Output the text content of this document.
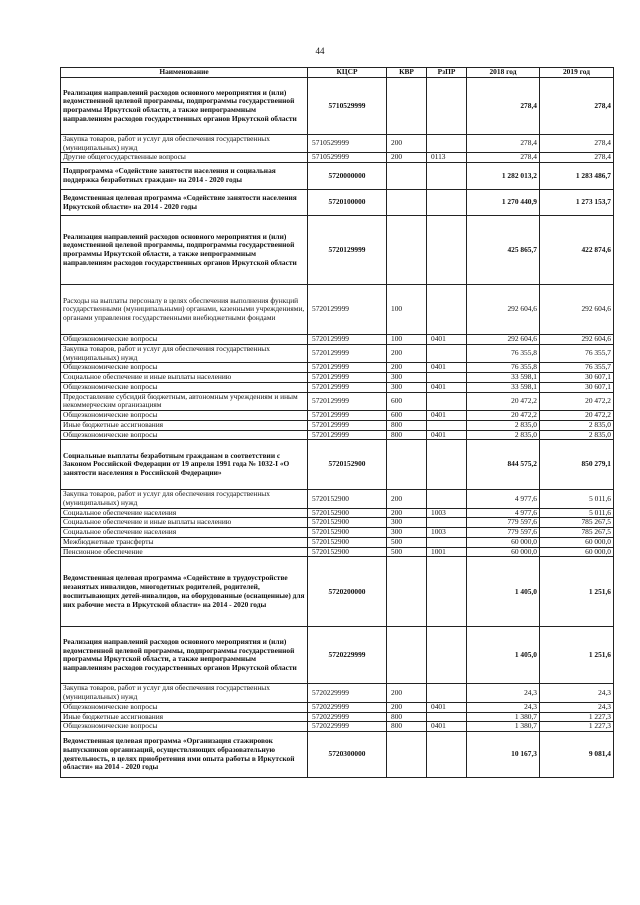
44
Наименование	КЦСР	КВР	РзПР	2018 год	2019 год
Реализация направлений расходов основного мероприятия и (или) ведомственной целевой программы, подпрограммы государственной программы Иркутской области, а также непрограммным направлениям расходов государственных органов Иркутской области	5710529999			278,4	278,4
Закупка товаров, работ и услуг для обеспечения государственных (муниципальных) нужд	5710529999	200		278,4	278,4
Другие общегосударственные вопросы	5710529999	200	0113	278,4	278,4
Подпрограмма «Содействие занятости населения и социальная поддержка безработных граждан» на 2014 - 2020 годы	5720000000			1 282 013,2	1 283 486,7
Ведомственная целевая программа «Содействие занятости населения Иркутской области» на 2014 - 2020 годы	5720100000			1 270 440,9	1 273 153,7
Реализация направлений расходов основного мероприятия и (или) ведомственной целевой программы, подпрограммы государственной программы Иркутской области, а также непрограммным направлениям расходов государственных органов Иркутской области	5720129999			425 865,7	422 874,6
Расходы на выплаты персоналу в целях обеспечения выполнения функций государственными (муниципальными) органами, казенными учреждениями, органами управления государственными внебюджетными фондами	5720129999	100		292 604,6	292 604,6
Общеэкономические вопросы	5720129999	100	0401	292 604,6	292 604,6
Закупка товаров, работ и услуг для обеспечения государственных (муниципальных) нужд	5720129999	200		76 355,8	76 355,7
Общеэкономические вопросы	5720129999	200	0401	76 355,8	76 355,7
Социальное обеспечение и иные выплаты населению	5720129999	300		33 598,1	30 607,1
Общеэкономические вопросы	5720129999	300	0401	33 598,1	30 607,1
Предоставление субсидий бюджетным, автономным учреждениям и иным некоммерческим организациям	5720129999	600		20 472,2	20 472,2
Общеэкономические вопросы	5720129999	600	0401	20 472,2	20 472,2
Иные бюджетные ассигнования	5720129999	800		2 835,0	2 835,0
Общеэкономические вопросы	5720129999	800	0401	2 835,0	2 835,0
Социальные выплаты безработным гражданам в соответствии с Законом Российской Федерации от 19 апреля 1991 года № 1032-I «О занятости населения в Российской Федерации»	5720152900			844 575,2	850 279,1
Закупка товаров, работ и услуг для обеспечения государственных (муниципальных) нужд	5720152900	200		4 977,6	5 011,6
Социальное обеспечение населения	5720152900	200	1003	4 977,6	5 011,6
Социальное обеспечение и иные выплаты населению	5720152900	300		779 597,6	785 267,5
Социальное обеспечение населения	5720152900	300	1003	779 597,6	785 267,5
Межбюджетные трансферты	5720152900	500		60 000,0	60 000,0
Пенсионное обеспечение	5720152900	500	1001	60 000,0	60 000,0
Ведомственная целевая программа «Содействие в трудоустройстве незанятых инвалидов, многодетных родителей, родителей, воспитывающих детей-инвалидов, на оборудованные (оснащенные) для них рабочие места в Иркутской области» на 2014 - 2020 годы	5720200000			1 405,0	1 251,6
Реализация направлений расходов основного мероприятия и (или) ведомственной целевой программы, подпрограммы государственной программы Иркутской области, а также непрограммным направлениям расходов государственных органов Иркутской области	5720229999			1 405,0	1 251,6
Закупка товаров, работ и услуг для обеспечения государственных (муниципальных) нужд	5720229999	200		24,3	24,3
Общеэкономические вопросы	5720229999	200	0401	24,3	24,3
Иные бюджетные ассигнования	5720229999	800		1 380,7	1 227,3
Общеэкономические вопросы	5720229999	800	0401	1 380,7	1 227,3
Ведомственная целевая программа «Организация стажировок выпускников организаций, осуществляющих образовательную деятельность, в целях приобретения ими опыта работы в Иркутской области» на 2014 - 2020 годы	5720300000			10 167,3	9 081,4
